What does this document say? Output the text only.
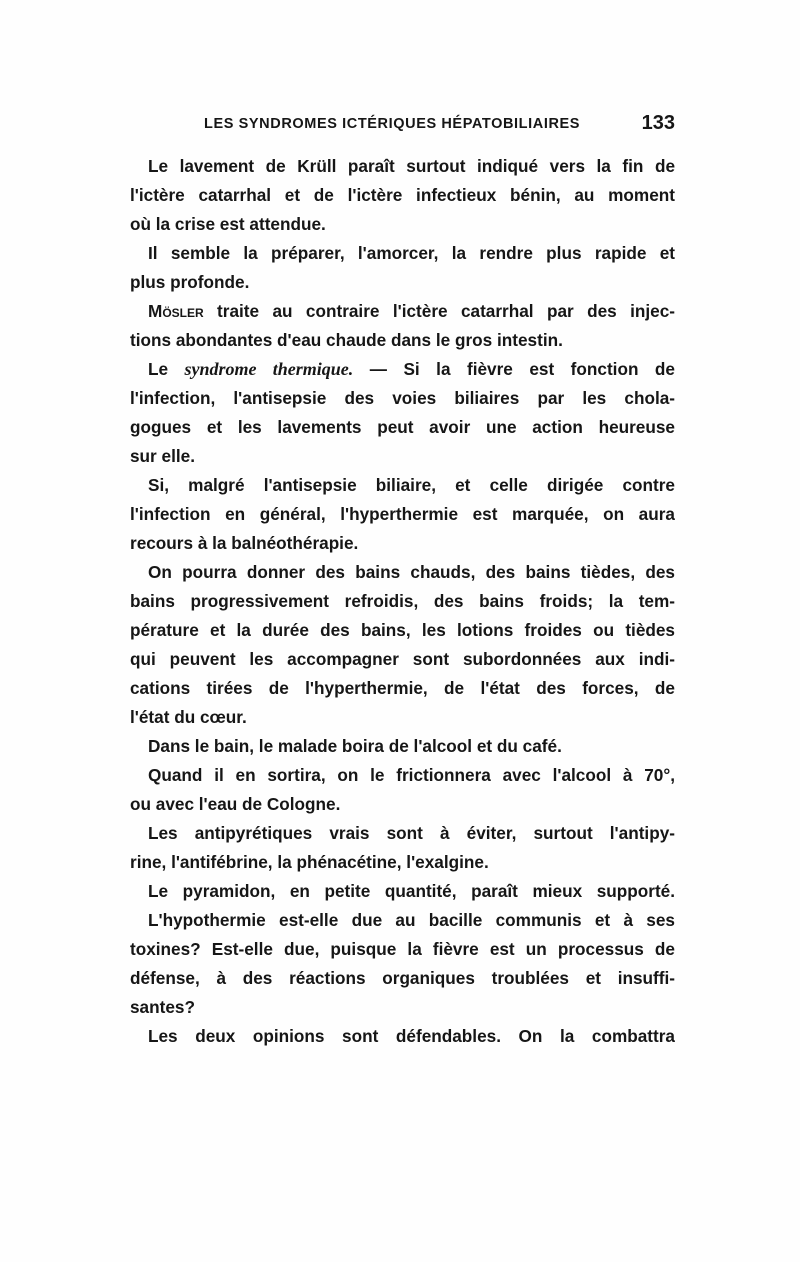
LES SYNDROMES ICTÉRIQUES HÉPATOBILIAIRES	133
Le lavement de Krüll paraît surtout indiqué vers la fin de
l'ictère catarrhal et de l'ictère infectieux bénin, au moment
où la crise est attendue.
Il semble la préparer, l'amorcer, la rendre plus rapide et
plus profonde.
Mösler traite au contraire l'ictère catarrhal par des injec-
tions abondantes d'eau chaude dans le gros intestin.
Le syndrome thermique. — Si la fièvre est fonction de
l'infection, l'antisepsie des voies biliaires par les chola-
gogues et les lavements peut avoir une action heureuse
sur elle.
Si, malgré l'antisepsie biliaire, et celle dirigée contre
l'infection en général, l'hyperthermie est marquée, on aura
recours à la balnéothérapie.
On pourra donner des bains chauds, des bains tièdes, des
bains progressivement refroidis, des bains froids; la tem-
pérature et la durée des bains, les lotions froides ou tièdes
qui peuvent les accompagner sont subordonnées aux indi-
cations tirées de l'hyperthermie, de l'état des forces, de
l'état du cœur.
Dans le bain, le malade boira de l'alcool et du café.
Quand il en sortira, on le frictionnera avec l'alcool à 70°,
ou avec l'eau de Cologne.
Les antipyrétiques vrais sont à éviter, surtout l'antipy-
rine, l'antifébrine, la phénacétine, l'exalgine.
Le pyramidon, en petite quantité, paraît mieux supporté.
L'hypothermie est-elle due au bacille communis et à ses
toxines? Est-elle due, puisque la fièvre est un processus de
défense, à des réactions organiques troublées et insuffi-
santes?
Les deux opinions sont défendables. On la combattra
